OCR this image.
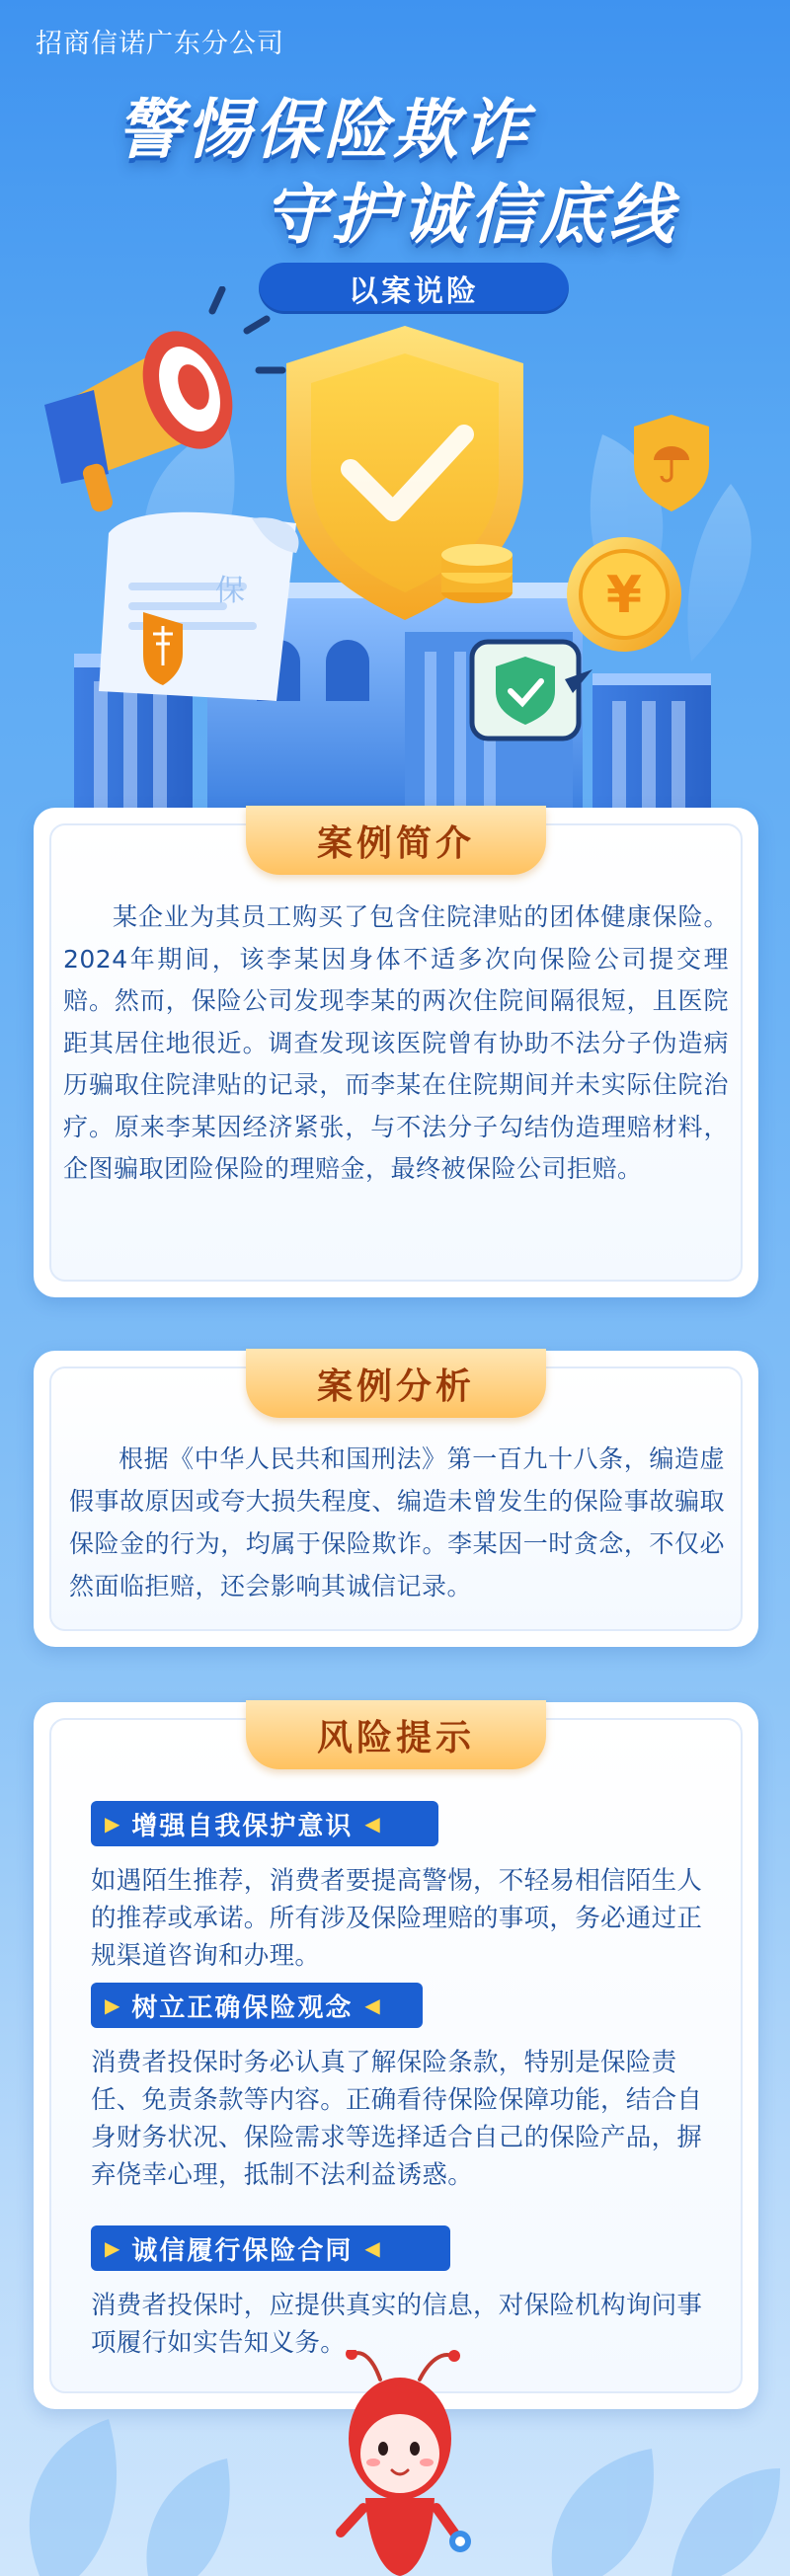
招商信诺广东分公司
警惕保险欺诈
守护诚信底线
¥
保
以案说险
案例简介
某企业为其员工购买了包含住院津贴的团体健康保险。2024年期间，该李某因身体不适多次向保险公司提交理赔。然而，保险公司发现李某的两次住院间隔很短，且医院距其居住地很近。调查发现该医院曾有协助不法分子伪造病历骗取住院津贴的记录，而李某在住院期间并未实际住院治疗。原来李某因经济紧张，与不法分子勾结伪造理赔材料，企图骗取团险保险的理赔金，最终被保险公司拒赔。
案例分析
根据《中华人民共和国刑法》第一百九十八条，编造虚假事故原因或夸大损失程度、编造未曾发生的保险事故骗取保险金的行为，均属于保险欺诈。李某因一时贪念，不仅必然面临拒赔，还会影响其诚信记录。
风险提示
▶ 增强自我保护意识 ◀
如遇陌生推荐，消费者要提高警惕，不轻易相信陌生人的推荐或承诺。所有涉及保险理赔的事项，务必通过正规渠道咨询和办理。
▶ 树立正确保险观念 ◀
消费者投保时务必认真了解保险条款，特别是保险责任、免责条款等内容。正确看待保险保障功能，结合自身财务状况、保险需求等选择适合自己的保险产品，摒弃侥幸心理，抵制不法利益诱惑。
▶ 诚信履行保险合同 ◀
消费者投保时，应提供真实的信息，对保险机构询问事项履行如实告知义务。
